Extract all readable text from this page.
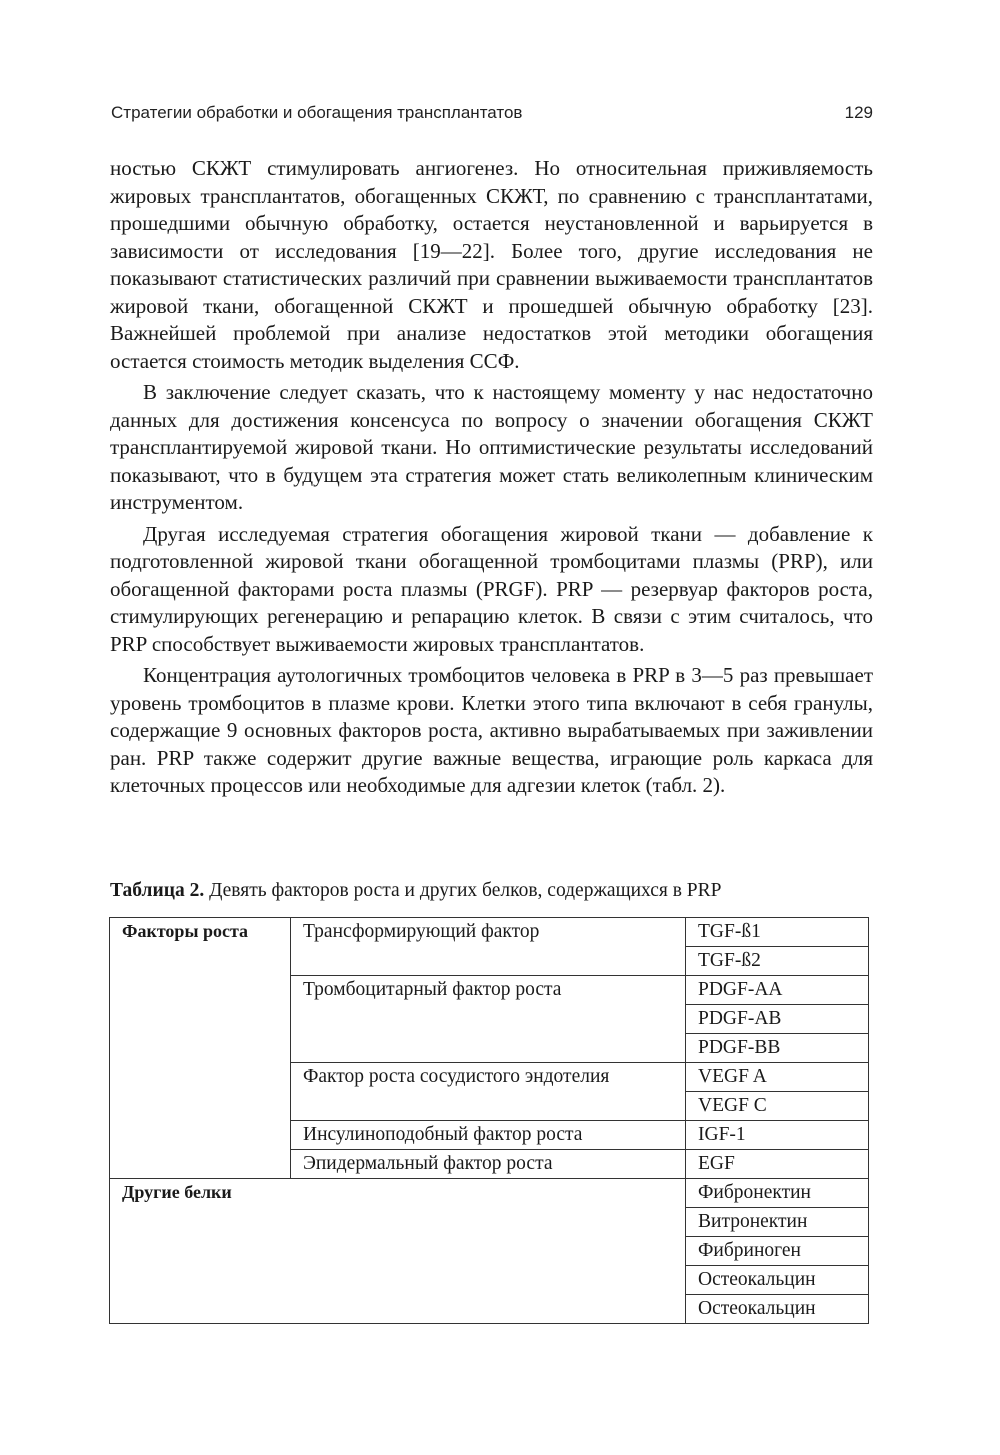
Стратегии обработки и обогащения трансплантатов	129

ностью СКЖТ стимулировать ангиогенез. Но относительная приживляемость жировых трансплантатов, обогащенных СКЖТ, по сравнению с трансплантатами, прошедшими обычную обработку, остается неустановленной и варьируется в зависимости от исследования [19—22]. Более того, другие исследования не показывают статистических различий при сравнении выживаемости трансплантатов жировой ткани, обогащенной СКЖТ и прошедшей обычную обработку [23]. Важнейшей проблемой при анализе недостатков этой методики обогащения остается стоимость методик выделения ССФ.

В заключение следует сказать, что к настоящему моменту у нас недостаточно данных для достижения консенсуса по вопросу о значении обогащения СКЖТ трансплантируемой жировой ткани. Но оптимистические результаты исследований показывают, что в будущем эта стратегия может стать великолепным клиническим инструментом.

Другая исследуемая стратегия обогащения жировой ткани — добавление к подготовленной жировой ткани обогащенной тромбоцитами плазмы (PRP), или обогащенной факторами роста плазмы (PRGF). PRP — резервуар факторов роста, стимулирующих регенерацию и репарацию клеток. В связи с этим считалось, что PRP способствует выживаемости жировых трансплантатов.

Концентрация аутологичных тромбоцитов человека в PRP в 3—5 раз превышает уровень тромбоцитов в плазме крови. Клетки этого типа включают в себя гранулы, содержащие 9 основных факторов роста, активно вырабатываемых при заживлении ран. PRP также содержит другие важные вещества, играющие роль каркаса для клеточных процессов или необходимые для адгезии клеток (табл. 2).

Таблица 2. Девять факторов роста и других белков, содержащихся в PRP
Факторы роста	Трансформирующий фактор	TGF-ß1
		TGF-ß2
	Тромбоцитарный фактор роста	PDGF-AA
		PDGF-AB
		PDGF-BB
	Фактор роста сосудистого эндотелия	VEGF A
		VEGF C
	Инсулиноподобный фактор роста	IGF-1
	Эпидермальный фактор роста	EGF
Другие белки		Фибронектин
		Витронектин
		Фибриноген
		Остеокальцин
		Остеокальцин
